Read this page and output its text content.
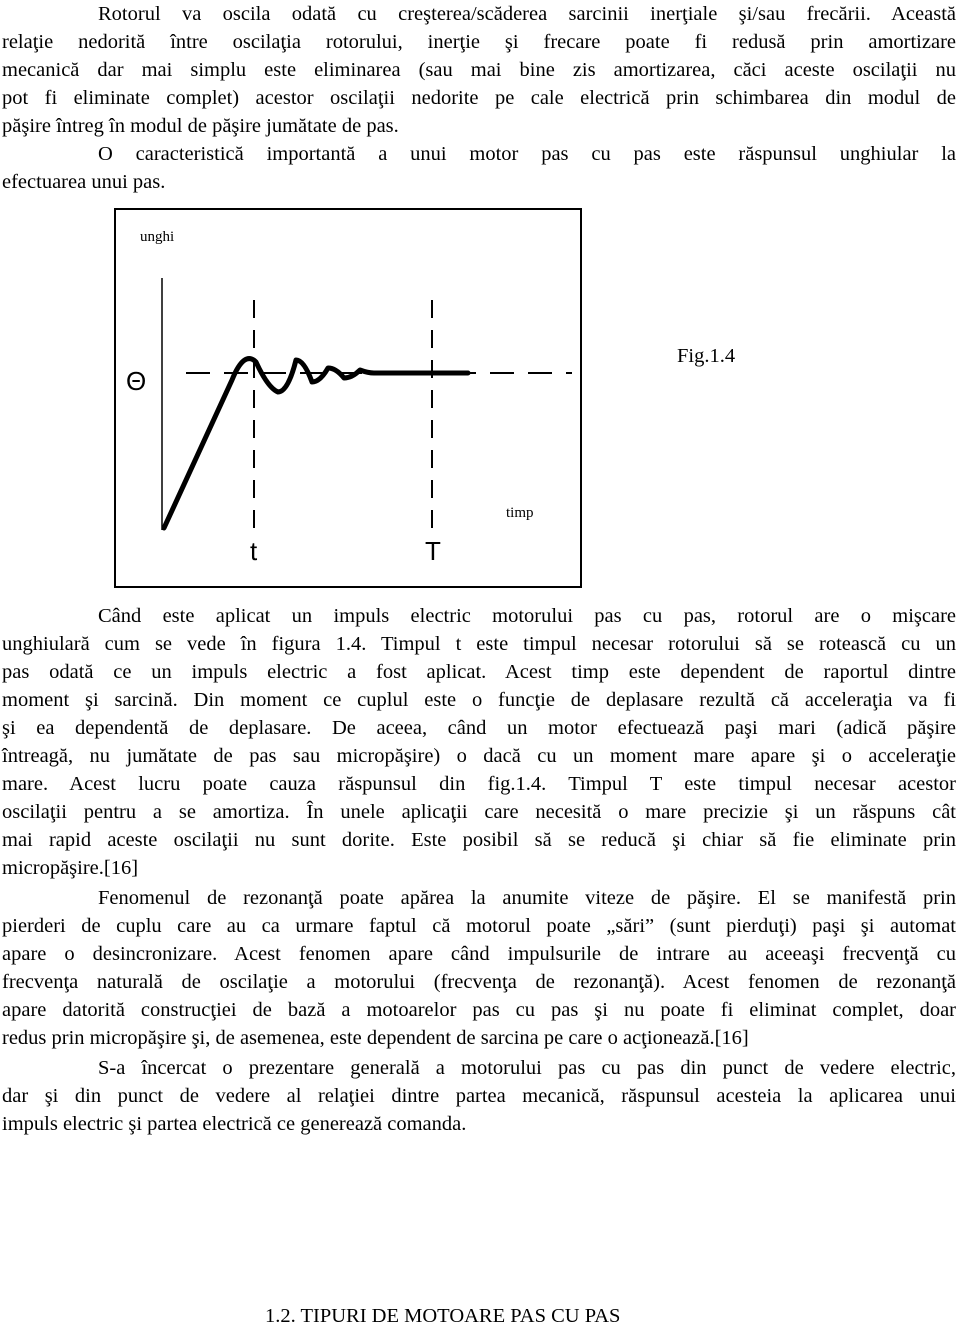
Rotorul va oscila odată cu creşterea/scăderea sarcinii inerţiale şi/sau frecării. Această
relaţie nedorită între oscilaţia rotorului, inerţie şi frecare poate fi redusă prin amortizare
mecanică dar mai simplu este eliminarea (sau mai bine zis amortizarea, căci aceste oscilaţii nu
pot fi eliminate complet) acestor oscilaţii nedorite pe cale electrică prin schimbarea din modul de
păşire întreg în modul de păşire jumătate de pas.
O caracteristică importantă a unui motor pas cu pas este răspunsul unghiular la
efectuarea unui pas.
unghi
timp
Θ
t	T
Fig.1.4
Când este aplicat un impuls electric motorului pas cu pas, rotorul are o mişcare
unghiulară cum se vede în figura 1.4. Timpul t este timpul necesar rotorului să se rotească cu un
pas odată ce un impuls electric a fost aplicat. Acest timp este dependent de raportul dintre
moment şi sarcină. Din moment ce cuplul este o funcţie de deplasare rezultă că acceleraţia va fi
şi ea dependentă de deplasare. De aceea, când un motor efectuează paşi mari (adică păşire
întreagă, nu jumătate de pas sau micropăşire) o dacă cu un moment mare apare şi o acceleraţie
mare. Acest lucru poate cauza răspunsul din fig.1.4. Timpul T este timpul necesar acestor
oscilaţii pentru a se amortiza. În unele aplicaţii care necesită o mare precizie şi un răspuns cât
mai rapid aceste oscilaţii nu sunt dorite. Este posibil să se reducă şi chiar să fie eliminate prin
micropăşire.[16]
Fenomenul de rezonanţă poate apărea la anumite viteze de păşire. El se manifestă prin
pierderi de cuplu care au ca urmare faptul că motorul poate „sări” (sunt pierduţi) paşi şi automat
apare o desincronizare. Acest fenomen apare când impulsurile de intrare au aceeaşi frecvenţă cu
frecvenţa naturală de oscilaţie a motorului (frecvenţa de rezonanţă). Acest fenomen de rezonanţă
apare datorită construcţiei de bază a motoarelor pas cu pas şi nu poate fi eliminat complet, doar
redus prin micropăşire şi, de asemenea, este dependent de sarcina pe care o acţionează.[16]
S-a încercat o prezentare generală a motorului pas cu pas din punct de vedere electric,
dar şi din punct de vedere al relaţiei dintre partea mecanică, răspunsul acesteia la aplicarea unui
impuls electric şi partea electrică ce generează comanda.
1.2. TIPURI DE MOTOARE PAS CU PAS
